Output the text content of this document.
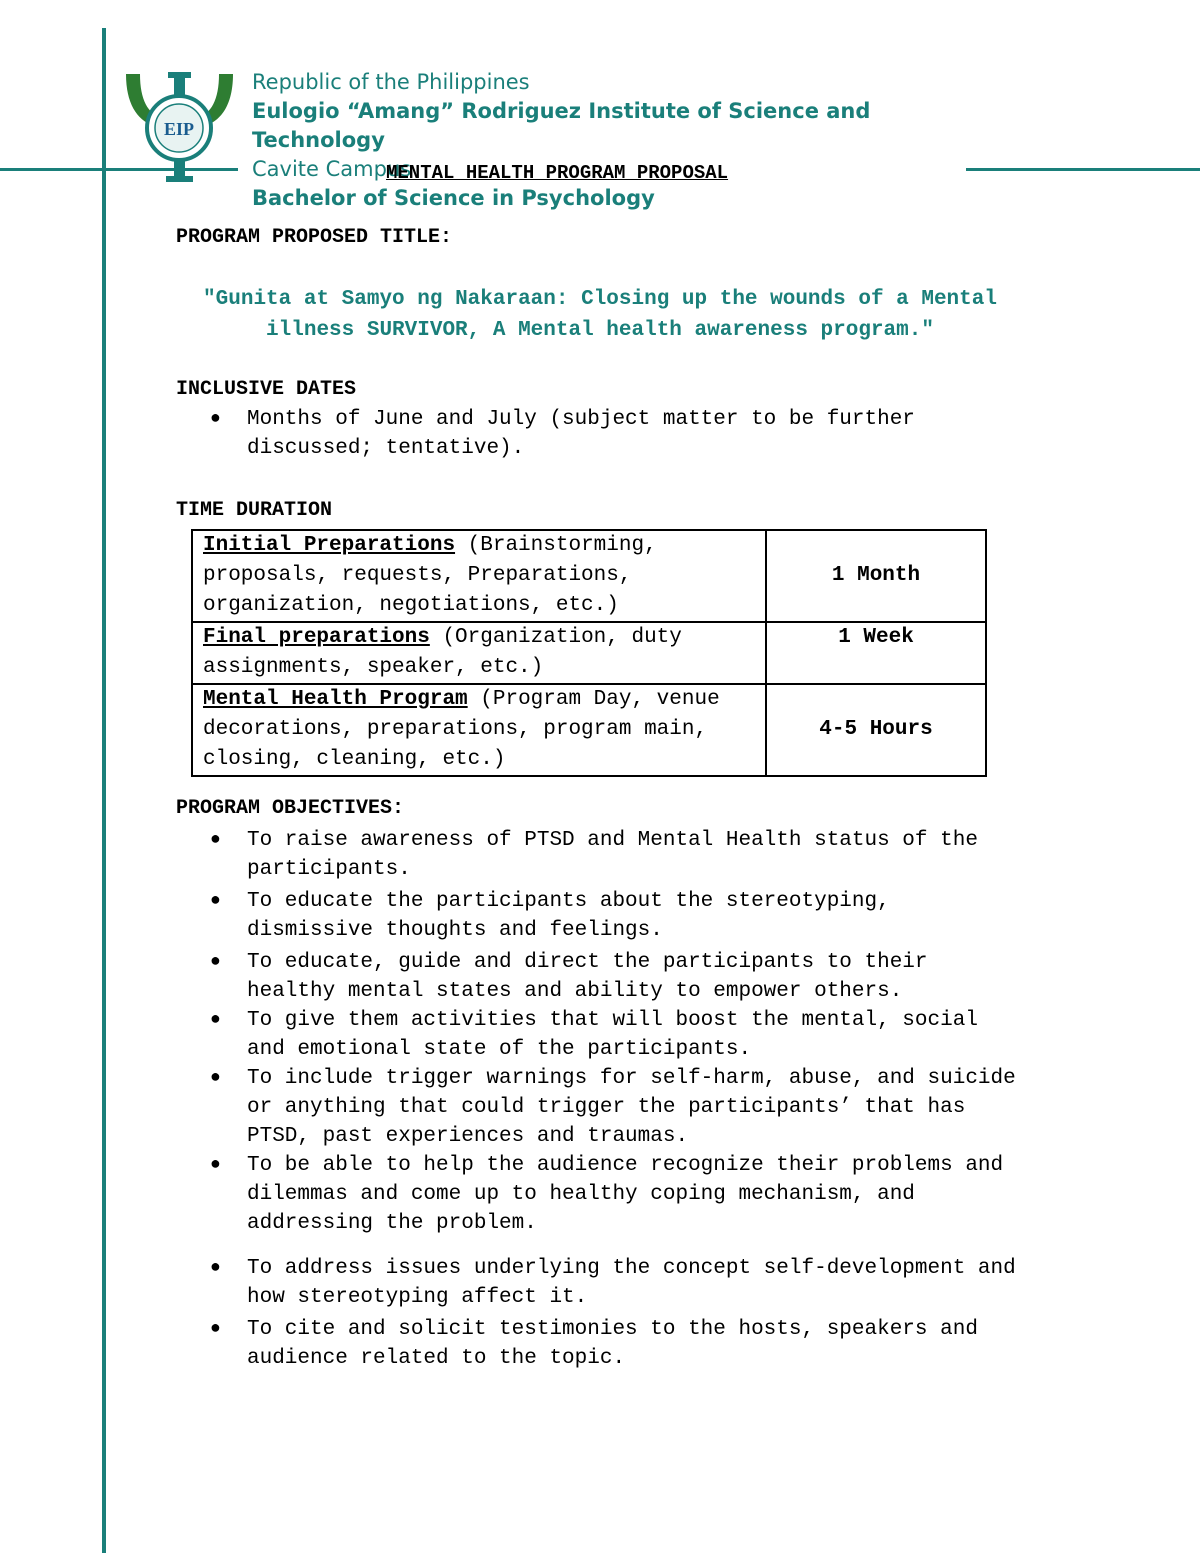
EIP
Republic of the Philippines
Eulogio “Amang” Rodriguez Institute of Science and Technology
Cavite Campus
Bachelor of Science in Psychology
MENTAL HEALTH PROGRAM PROPOSAL
PROGRAM PROPOSED TITLE:
"Gunita at Samyo ng Nakaraan: Closing up the wounds of a Mental illness SURVIVOR, A Mental health awareness program."
INCLUSIVE DATES
● Months of June and July (subject matter to be further discussed; tentative).
TIME DURATION
Initial Preparations (Brainstorming, proposals, requests, Preparations, organization, negotiations, etc.)	1 Month
Final preparations (Organization, duty assignments, speaker, etc.)	1 Week
Mental Health Program (Program Day, venue decorations, preparations, program main, closing, cleaning, etc.)	4-5 Hours
PROGRAM OBJECTIVES:
● To raise awareness of PTSD and Mental Health status of the participants.
● To educate the participants about the stereotyping, dismissive thoughts and feelings.
● To educate, guide and direct the participants to their healthy mental states and ability to empower others.
● To give them activities that will boost the mental, social and emotional state of the participants.
● To include trigger warnings for self-harm, abuse, and suicide or anything that could trigger the participants’ that has PTSD, past experiences and traumas.
● To be able to help the audience recognize their problems and dilemmas and come up to healthy coping mechanism, and addressing the problem.
● To address issues underlying the concept self-development and how stereotyping affect it.
● To cite and solicit testimonies to the hosts, speakers and audience related to the topic.
